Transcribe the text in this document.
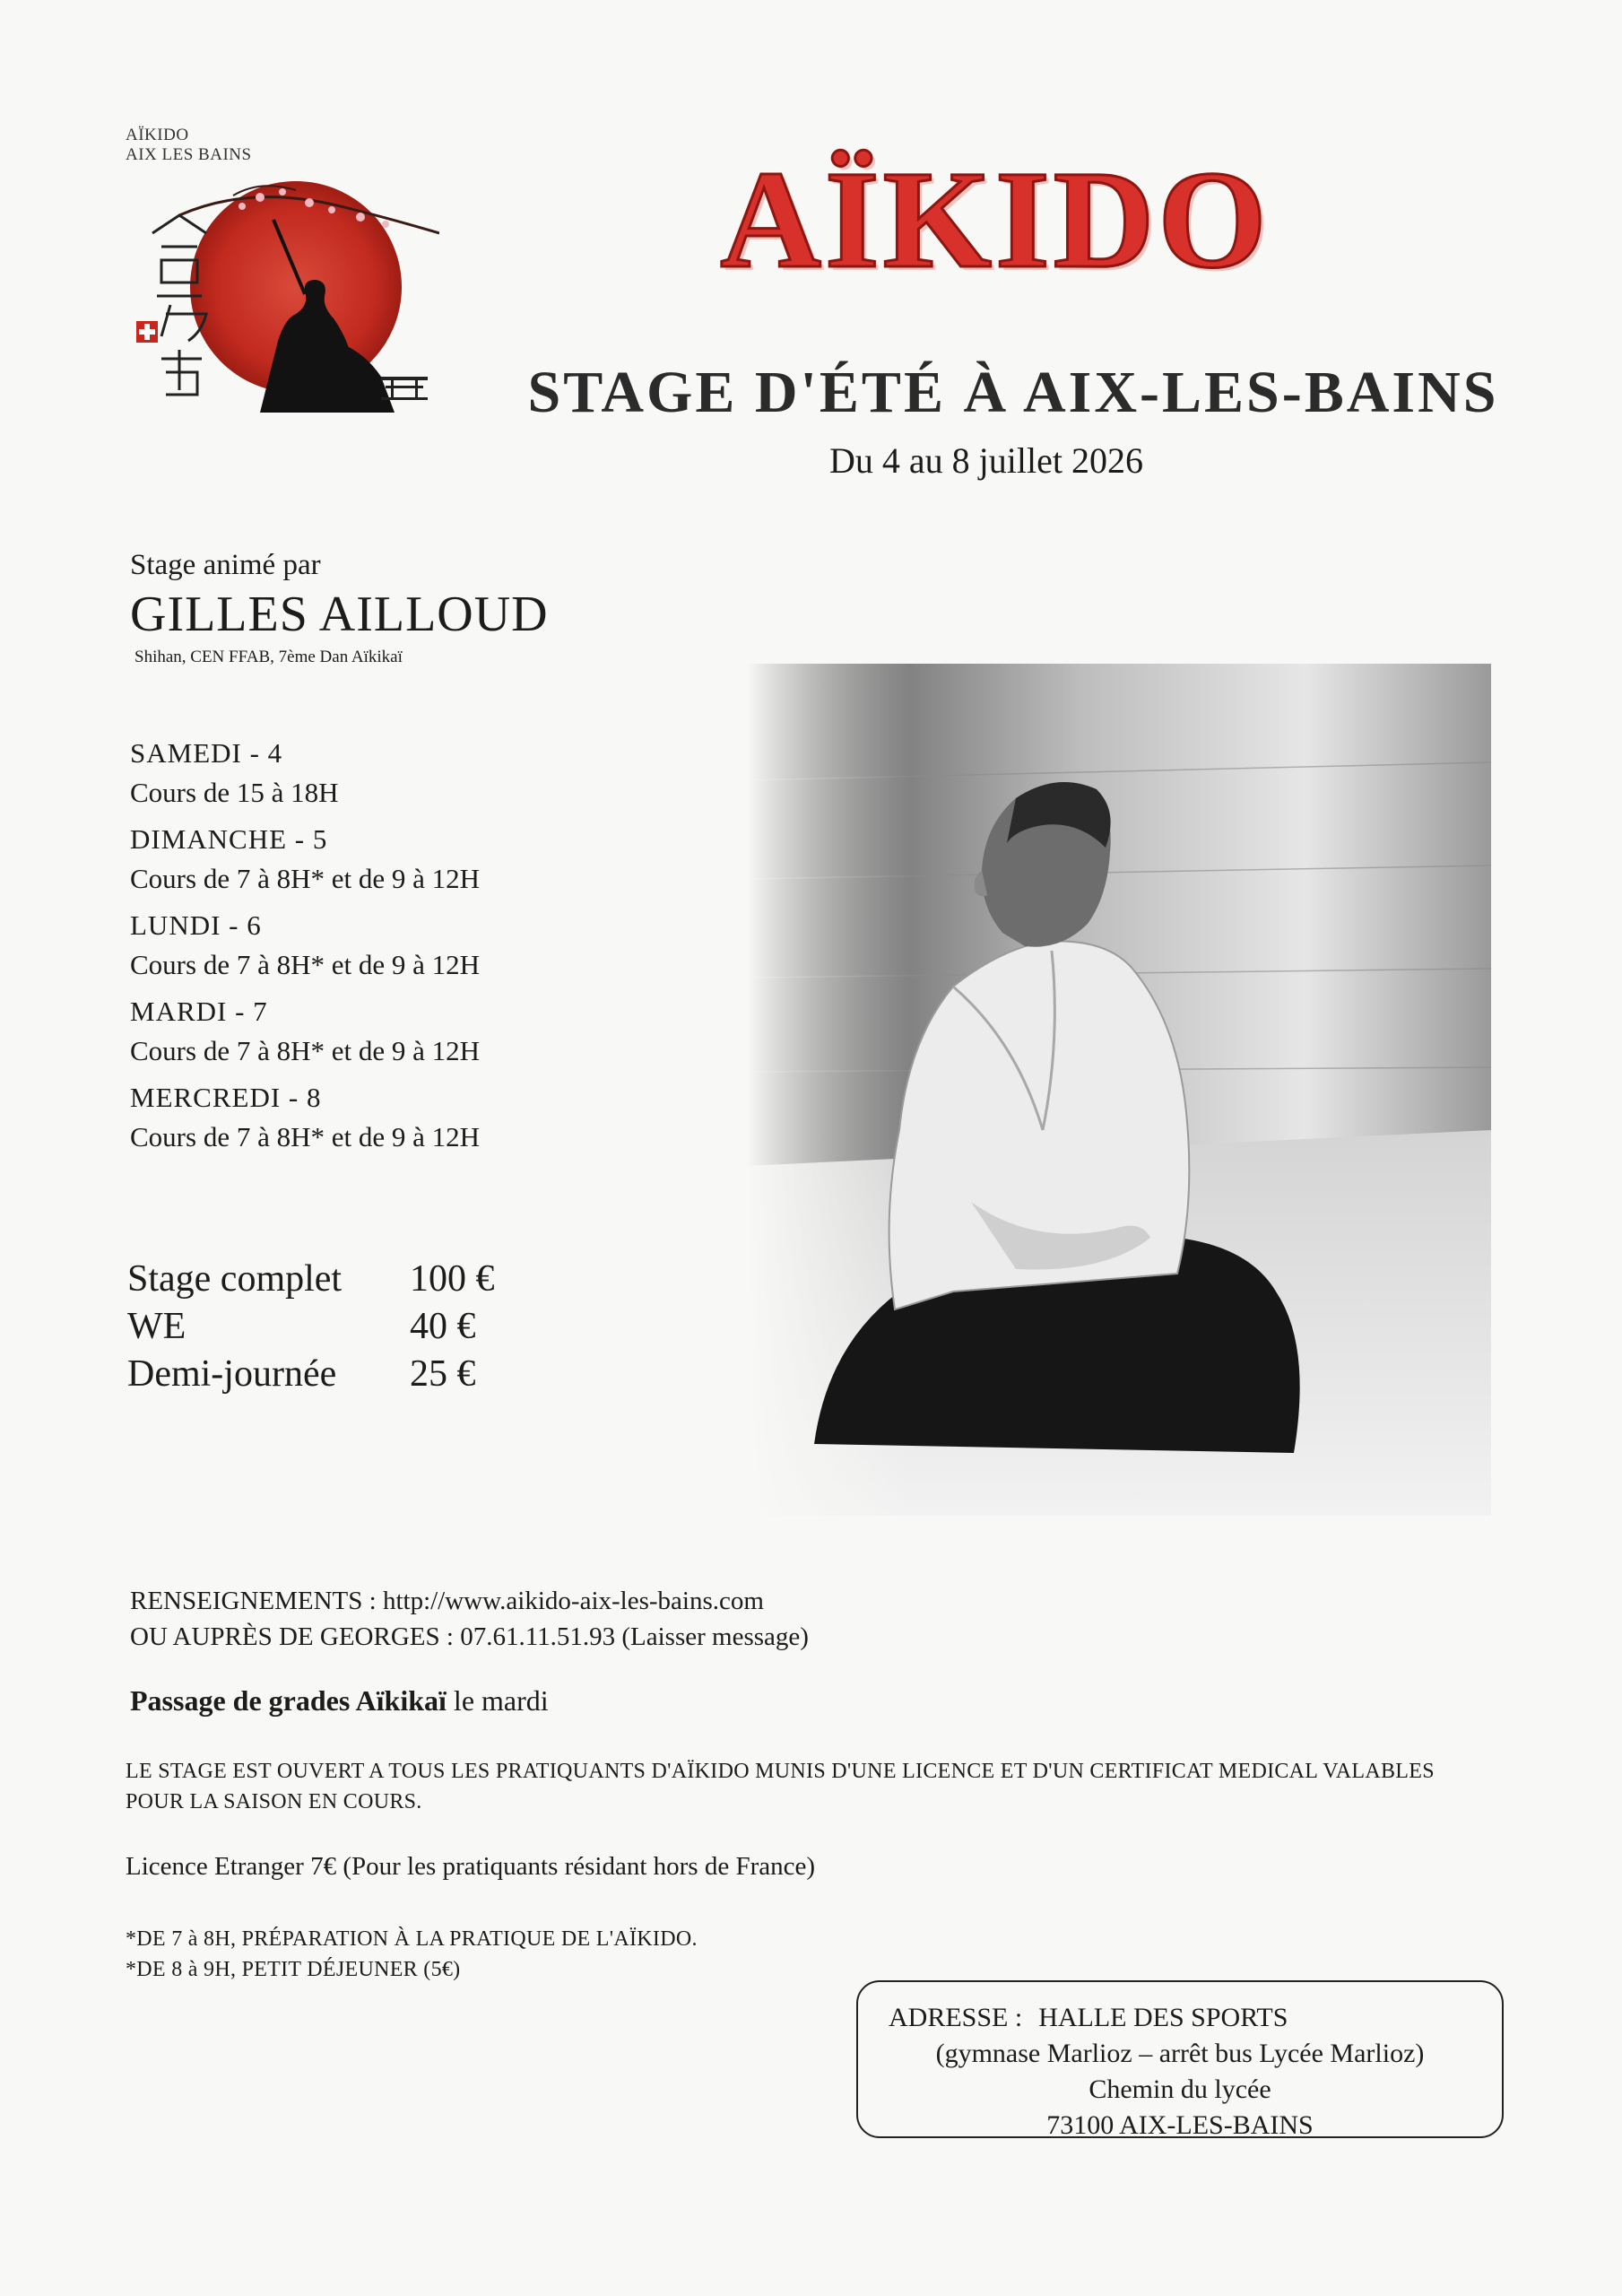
AÏKIDO
AIX LES BAINS	AÏKIDO
STAGE D'ÉTÉ À AIX-LES-BAINS
Du 4 au 8 juillet 2026
Stage animé par
GILLES AILLOUD
Shihan, CEN FFAB, 7ème Dan Aïkikaï
SAMEDI - 4
Cours de 15 à 18H
DIMANCHE - 5
Cours de 7 à 8H* et de 9 à 12H
LUNDI - 6
Cours de 7 à 8H* et de 9 à 12H
MARDI - 7
Cours de 7 à 8H* et de 9 à 12H
MERCREDI - 8
Cours de 7 à 8H* et de 9 à 12H
Stage complet	100 €
WE	40 €
Demi-journée	25 €
RENSEIGNEMENTS : http://www.aikido-aix-les-bains.com
OU AUPRÈS DE GEORGES : 07.61.11.51.93 (Laisser message)
Passage de grades Aïkikaï le mardi
LE STAGE EST OUVERT A TOUS LES PRATIQUANTS D'AÏKIDO MUNIS D'UNE LICENCE ET D'UN CERTIFICAT MEDICAL VALABLES POUR LA SAISON EN COURS.
Licence Etranger 7€ (Pour les pratiquants résidant hors de France)
*DE 7 à 8H, PRÉPARATION À LA PRATIQUE DE L'AÏKIDO.
*DE 8 à 9H, PETIT DÉJEUNER (5€)
ADRESSE : HALLE DES SPORTS
(gymnase Marlioz – arrêt bus Lycée Marlioz)
Chemin du lycée
73100 AIX-LES-BAINS
